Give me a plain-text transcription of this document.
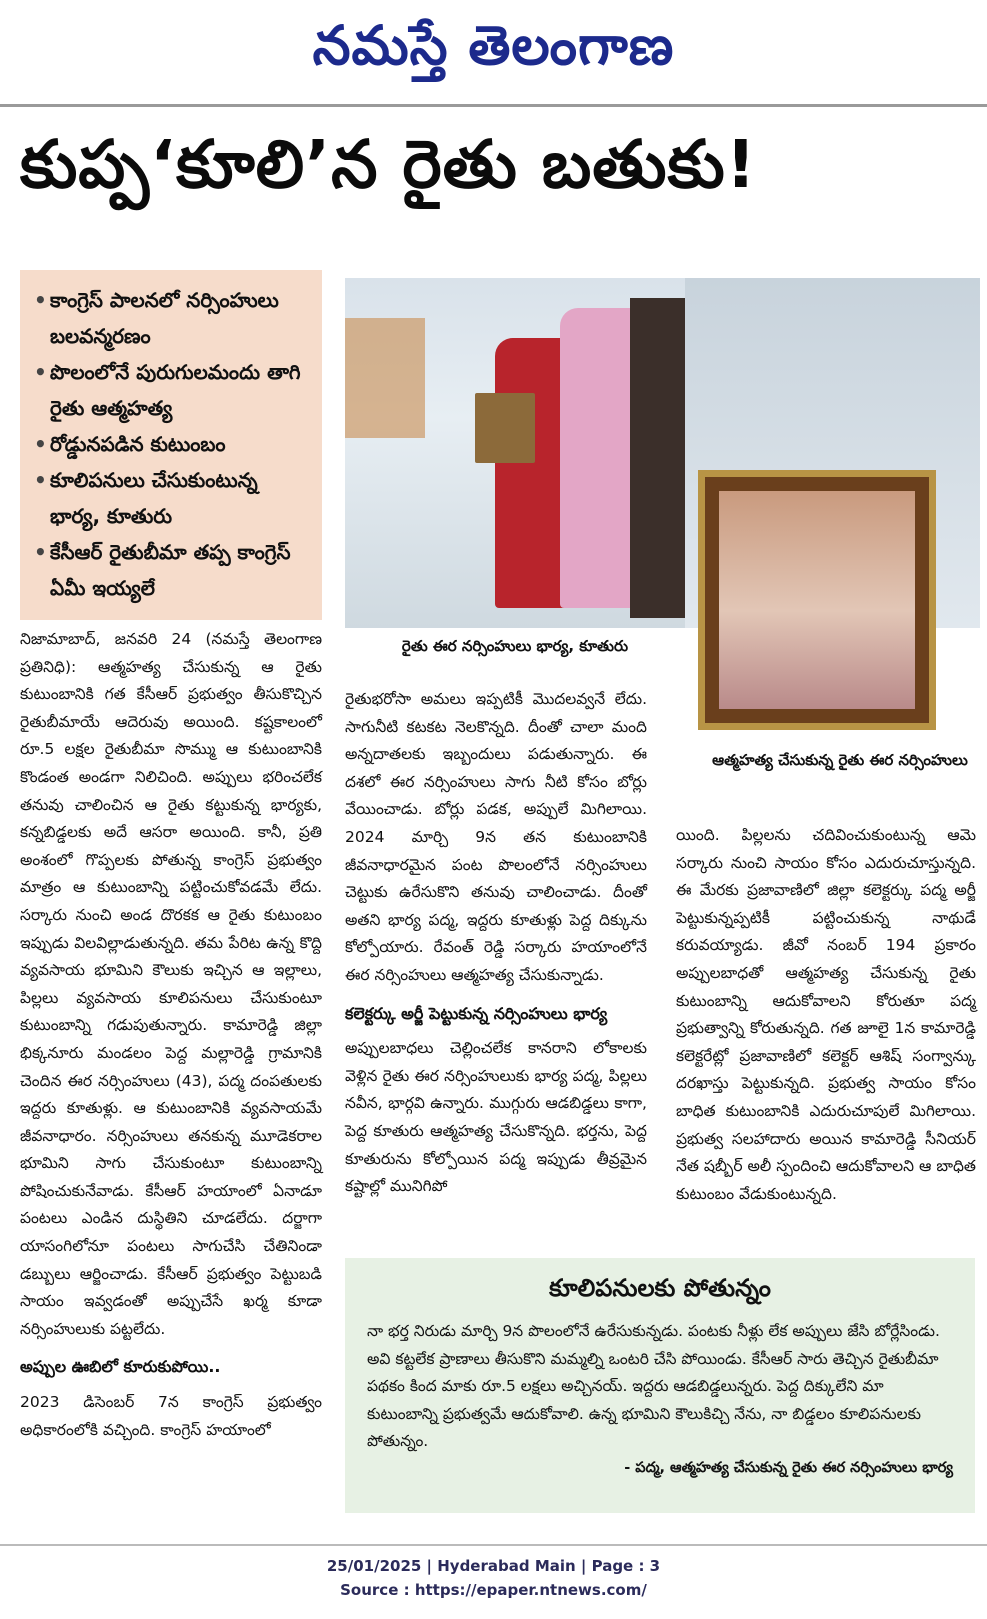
నమస్తే తెలంగాణ
కుప్ప‘కూలి’న రైతు బతుకు!
• కాంగ్రెస్ పాలనలో నర్సింహులు బలవన్మరణం
• పొలంలోనే పురుగులమందు తాగి రైతు ఆత్మహత్య
• రోడ్డునపడిన కుటుంబం
• కూలిపనులు చేసుకుంటున్న భార్య, కూతురు
• కేసీఆర్ రైతుబీమా తప్ప కాంగ్రెస్ ఏమీ ఇయ్యలే
రైతు ఈర నర్సింహులు భార్య, కూతురు
ఆత్మహత్య చేసుకున్న రైతు ఈర నర్సింహులు

నిజామాబాద్, జనవరి 24 (నమస్తే తెలంగాణ ప్రతినిధి): ఆత్మహత్య చేసుకున్న ఆ రైతు కుటుంబానికి గత కేసీఆర్ ప్రభుత్వం తీసుకొచ్చిన రైతుబీమాయే ఆదెరువు అయింది. కష్టకాలంలో రూ.5 లక్షల రైతుబీమా సొమ్ము ఆ కుటుంబానికి కొండంత అండగా నిలిచింది. అప్పులు భరించలేక తనువు చాలించిన ఆ రైతు కట్టుకున్న భార్యకు, కన్నబిడ్డలకు అదే ఆసరా అయింది. కానీ, ప్రతి అంశంలో గొప్పలకు పోతున్న కాంగ్రెస్ ప్రభుత్వం మాత్రం ఆ కుటుంబాన్ని పట్టించుకోవడమే లేదు. సర్కారు నుంచి అండ దొరకక ఆ రైతు కుటుంబం ఇప్పుడు విలవిల్లాడుతున్నది. తమ పేరిట ఉన్న కొద్ది వ్యవసాయ భూమిని కౌలుకు ఇచ్చిన ఆ ఇల్లాలు, పిల్లలు వ్యవసాయ కూలిపనులు చేసుకుంటూ కుటుంబాన్ని గడుపుతున్నారు. కామారెడ్డి జిల్లా భిక్కనూరు మండలం పెద్ద మల్లారెడ్డి గ్రామానికి చెందిన ఈర నర్సింహులు (43), పద్మ దంపతులకు ఇద్దరు కూతుళ్లు. ఆ కుటుంబానికి వ్యవసాయమే జీవనాధారం. నర్సింహులు తనకున్న మూడెకరాల భూమిని సాగు చేసుకుంటూ కుటుంబాన్ని పోషించుకునేవాడు. కేసీఆర్ హయాంలో ఏనాడూ పంటలు ఎండిన దుస్థితిని చూడలేదు. దర్జాగా యాసంగిలోనూ పంటలు సాగుచేసి చేతినిండా డబ్బులు ఆర్జించాడు. కేసీఆర్ ప్రభుత్వం పెట్టుబడి సాయం ఇవ్వడంతో అప్పుచేసే ఖర్మ కూడా నర్సింహులుకు పట్టలేదు.

అప్పుల ఊబిలో కూరుకుపోయి..

2023 డిసెంబర్ 7న కాంగ్రెస్ ప్రభుత్వం అధికారంలోకి వచ్చింది. కాంగ్రెస్ హయాంలో

రైతుభరోసా అమలు ఇప్పటికీ మొదలవ్వనే లేదు. సాగునీటి కటకట నెలకొన్నది. దీంతో చాలా మంది అన్నదాతలకు ఇబ్బందులు పడుతున్నారు. ఈ దశలో ఈర నర్సింహులు సాగు నీటి కోసం బోర్లు వేయించాడు. బోర్లు పడక, అప్పులే మిగిలాయి. 2024 మార్చి 9న తన కుటుంబానికి జీవనాధారమైన పంట పొలంలోనే నర్సింహులు చెట్టుకు ఉరేసుకొని తనువు చాలించాడు. దీంతో అతని భార్య పద్మ, ఇద్దరు కూతుళ్లు పెద్ద దిక్కును కోల్పోయారు. రేవంత్ రెడ్డి సర్కారు హయాంలోనే ఈర నర్సింహులు ఆత్మహత్య చేసుకున్నాడు.

కలెక్టర్కు అర్జీ పెట్టుకున్న నర్సింహులు భార్య

అప్పులబాధలు చెల్లించలేక కానరాని లోకాలకు వెళ్లిన రైతు ఈర నర్సింహులుకు భార్య పద్మ, పిల్లలు నవీన, భార్గవి ఉన్నారు. ముగ్గురు ఆడబిడ్డలు కాగా, పెద్ద కూతురు ఆత్మహత్య చేసుకొన్నది. భర్తను, పెద్ద కూతురును కోల్పోయిన పద్మ ఇప్పుడు తీవ్రమైన కష్టాల్లో మునిగిపో

యింది. పిల్లలను చదివించుకుంటున్న ఆమె సర్కారు నుంచి సాయం కోసం ఎదురుచూస్తున్నది. ఈ మేరకు ప్రజావాణిలో జిల్లా కలెక్టర్కు పద్మ అర్జీ పెట్టుకున్నప్పటికీ పట్టించుకున్న నాథుడే కరువయ్యాడు. జీవో నంబర్ 194 ప్రకారం అప్పులబాధతో ఆత్మహత్య చేసుకున్న రైతు కుటుంబాన్ని ఆదుకోవాలని కోరుతూ పద్మ ప్రభుత్వాన్ని కోరుతున్నది. గత జూలై 1న కామారెడ్డి కలెక్టరేట్లో ప్రజావాణిలో కలెక్టర్ ఆశిష్ సంగ్వాన్కు దరఖాస్తు పెట్టుకున్నది. ప్రభుత్వ సాయం కోసం బాధిత కుటుంబానికి ఎదురుచూపులే మిగిలాయి. ప్రభుత్వ సలహాదారు అయిన కామారెడ్డి సీనియర్ నేత షబ్బీర్ అలీ స్పందించి ఆదుకోవాలని ఆ బాధిత కుటుంబం వేడుకుంటున్నది.

కూలిపనులకు పోతున్నం
నా భర్త నిరుడు మార్చి 9న పొలంలోనే ఉరేసుకున్నడు. పంటకు నీళ్లు లేక అప్పులు జేసి బోర్లేసిండు. అవి కట్టలేక ప్రాణాలు తీసుకొని మమ్మల్ని ఒంటరి చేసి పోయిండు. కేసీఆర్ సారు తెచ్చిన రైతుబీమా పథకం కింద మాకు రూ.5 లక్షలు అచ్చినయ్. ఇద్దరు ఆడబిడ్డలున్నరు. పెద్ద దిక్కులేని మా కుటుంబాన్ని ప్రభుత్వమే ఆదుకోవాలి. ఉన్న భూమిని కౌలుకిచ్చి నేను, నా బిడ్డలం కూలిపనులకు పోతున్నం.
- పద్మ, ఆత్మహత్య చేసుకున్న రైతు ఈర నర్సింహులు భార్య
25/01/2025 | Hyderabad Main | Page : 3
Source : https://epaper.ntnews.com/
